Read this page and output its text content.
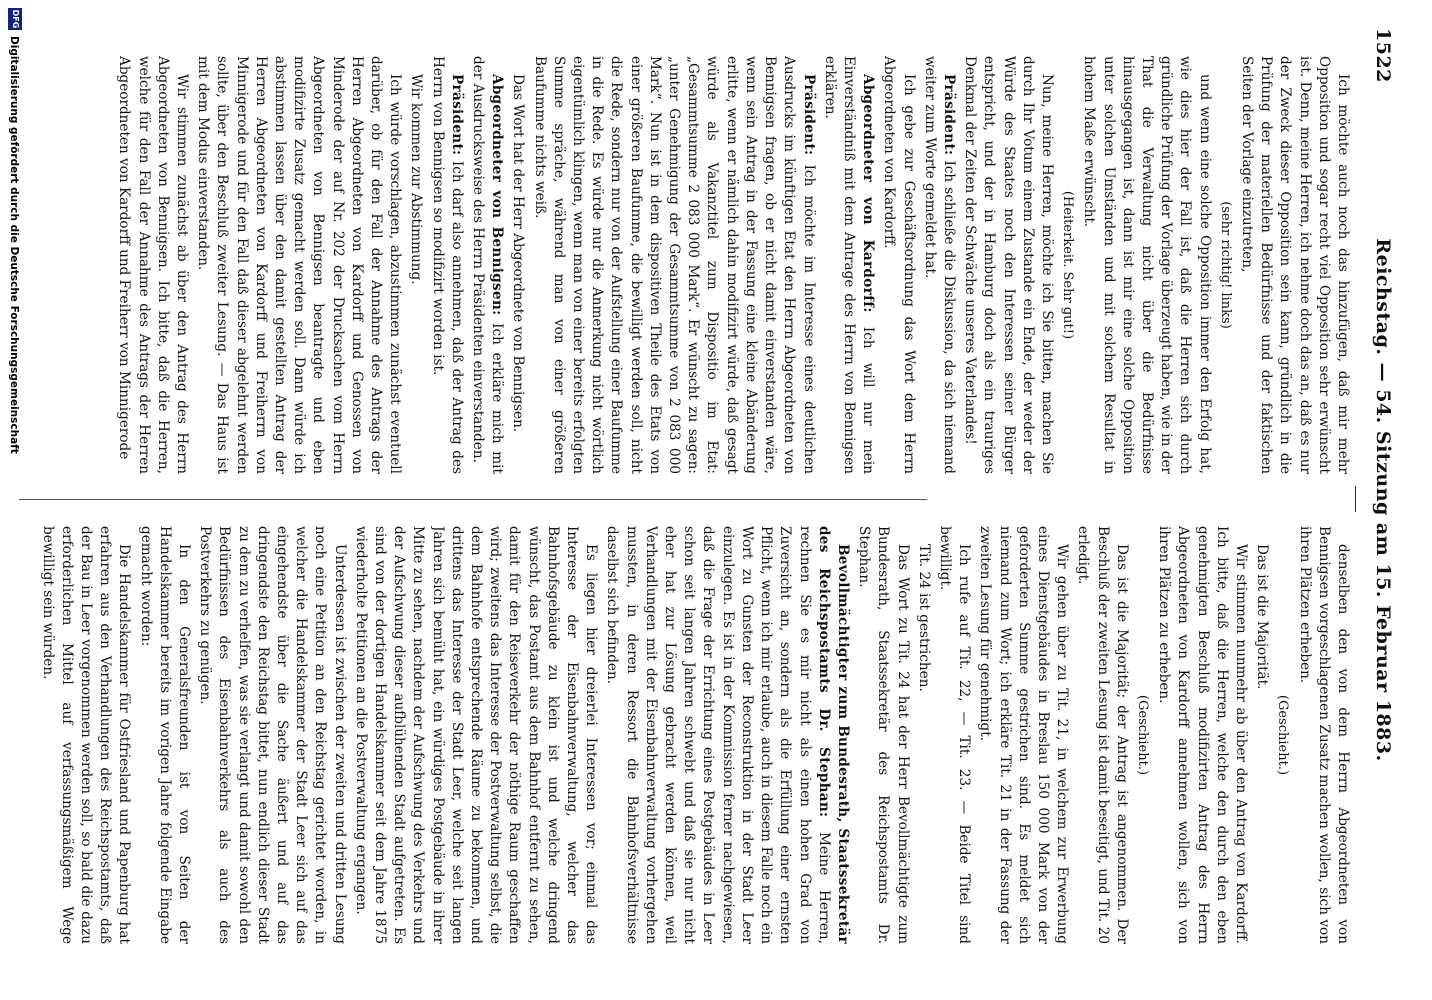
1522
Reichstag. — 54. Sitzung am 15. Februar 1883.

Ich möchte auch noch das hinzufügen, daß mir mehr Opposition und sogar recht viel Opposition sehr erwünscht ist. Denn, meine Herren, ich nehme doch das an, daß es nur der Zweck dieser Opposition sein kann, gründlich in die Prüfung der materiellen Bedürfnisse und der faktischen Seiten der Vorlage einzutreten,

(sehr richtig! links)

und wenn eine solche Opposition immer den Erfolg hat, wie dies hier der Fall ist, daß die Herren sich durch gründliche Prüfung der Vorlage überzeugt haben, wie in der That die Verwaltung nicht über die Bedürfnisse hinausgegangen ist, dann ist mir eine solche Opposition unter solchen Umständen und mit solchem Resultat in hohem Maße erwünscht.

(Heiterkeit. Sehr gut!)

Nun, meine Herren, möchte ich Sie bitten, machen Sie durch Ihr Votum einem Zustande ein Ende, der weder der Würde des Staates noch den Interessen seiner Bürger entspricht, und der in Hamburg doch als ein trauriges Denkmal der Zeiten der Schwäche unseres Vaterlandes!

Präsident: Ich schließe die Diskussion, da sich niemand weiter zum Worte gemeldet hat.

Ich gebe zur Geschäftsordnung das Wort dem Herrn Abgeordneten von Kardorff.

Abgeordneter von Kardorff: Ich will nur mein Einverständniß mit dem Antrage des Herrn von Bennigsen erklären.

Präsident: Ich möchte im Interesse eines deutlichen Ausdrucks im künftigen Etat den Herrn Abgeordneten von Bennigsen fragen, ob er nicht damit einverstanden wäre, wenn sein Antrag in der Fassung eine kleine Abänderung erlitte, wenn er nämlich dahin modifizirt würde, daß gesagt würde als Vakanztitel zum Dispositio im Etat: „Gesammtsumme 2 083 000 Mark“. Er wünscht zu sagen: „unter Genehmigung der Gesammtsumme von 2 083 000 Mark“. Nun ist in dem dispositiven Theile des Etats von einer größeren Baufumme, die bewilligt werden soll, nicht die Rede, sondern nur von der Aufstellung einer Baufumme in die Rede. Es würde nur die Anmerkung nicht wörtlich eigentümlich klingen, wenn man von einer bereits erfolgten Summe spräche, während man von einer größeren Baufumme nichts weiß.

Das Wort hat der Herr Abgeordnete von Bennigsen.

Abgeordneter von Bennigsen: Ich erkläre mich mit der Ausdrucksweise des Herrn Präsidenten einverstanden.

Präsident: Ich darf also annehmen, daß der Antrag des Herrn von Bennigsen so modifizirt worden ist.

Wir kommen zur Abstimmung.

Ich würde vorschlagen, abzustimmen zunächst eventuell darüber, ob für den Fall der Annahme des Antrags der Herren Abgeordneten von Kardorff und Genossen von Minderode der auf Nr. 202 der Drucksachen vom Herrn Abgeordneten von Bennigsen beantragte und eben modifizirte Zusatz gemacht werden soll. Dann würde ich abstimmen lassen über den damit gestellten Antrag der Herren Abgeordneten von Kardorff und Freiherrn von Minnigerode und für den Fall daß dieser abgelehnt werden sollte, über den Beschluß zweiter Lesung. — Das Haus ist mit dem Modus einverstanden.

Wir stimmen zunächst ab über den Antrag des Herrn Abgeordneten von Bennigsen. Ich bitte, daß die Herren, welche für den Fall der Annahme des Antrags der Herren Abgeordneten von Kardorff und Freiherr von Minnigerode

denselben den von dem Herrn Abgeordneten von Bennigsen vorgeschlagenen Zusatz machen wollen, sich von ihren Plätzen erheben.

(Geschieht.)

Das ist die Majorität.

Wir stimmen nunmehr ab über den Antrag von Kardorff. Ich bitte, daß die Herren, welche den durch den eben genehmigten Beschluß modifizirten Antrag des Herrn Abgeordneten von Kardorff annehmen wollen, sich von ihren Plätzen zu erheben.

(Geschieht.)

Das ist die Majorität; der Antrag ist angenommen. Der Beschluß der zweiten Lesung ist damit beseitigt, und Tit. 20 erledigt.

Wir gehen über zu Tit. 21, in welchem zur Erwerbung eines Dienstgebäudes in Breslau 150 000 Mark von der geforderten Summe gestrichen sind. Es meldet sich niemand zum Wort; ich erkläre Tit. 21 in der Fassung der zweiten Lesung für genehmigt.

Ich rufe auf Tit. 22, — Tit. 23. — Beide Titel sind bewilligt.

Tit. 24 ist gestrichen.

Das Wort zu Tit. 24 hat der Herr Bevollmächtigte zum Bundesrath, Staatssekretär des Reichspostamts Dr. Stephan.

Bevollmächtigter zum Bundesrath, Staatssekretär des Reichspostamts Dr. Stephan: Meine Herren, rechnen Sie es mir nicht als einen hohen Grad von Zuversicht an, sondern als die Erfüllung einer ernsten Pflicht, wenn ich mir erlaube, auch in diesem Falle noch ein Wort zu Gunsten der Reconstruktion in der Stadt Leer einzulegen. Es ist in der Kommission ferner nachgewiesen, daß die Frage der Errichtung eines Postgebäudes in Leer schon seit langen Jahren schwebt und daß sie nur nicht eher hat zur Lösung gebracht werden können, weil Verhandlungen mit der Eisenbahnverwaltung vorhergehen mussten, in deren Ressort die Bahnhofsverhältnisse daselbst sich befinden.

Es liegen hier dreierlei Interessen vor; einmal das Interesse der Eisenbahnverwaltung, welcher das Bahnhofsgebäude zu klein ist und welche dringend wünscht, das Postamt aus dem Bahnhof entfernt zu sehen, damit für den Reiseverkehr der nöthige Raum geschaffen wird; zweitens das Interesse der Postverwaltung selbst, die dem Bahnhofe entsprechende Räume zu bekommen, und drittens das Interesse der Stadt Leer, welche seit langen Jahren sich bemüht hat, ein würdiges Postgebäude in ihrer Mitte zu sehen, nachdem der Aufschwung des Verkehrs und der Aufschwung dieser aufblühenden Stadt aufgetreten. Es sind von der dortigen Handelskammer seit dem Jahre 1875 wiederholte Petitionen an die Postverwaltung ergangen.

Unterdessen ist zwischen der zweiten und dritten Lesung noch eine Petition an den Reichstag gerichtet worden, in welcher die Handelskammer der Stadt Leer sich auf das eingehendste über die Sache äußert und auf das dringendste den Reichstag bittet, nun endlich dieser Stadt zu dem zu verhelfen, was sie verlangt und damit sowohl den Bedürfnissen des Eisenbahnverkehrs als auch des Postverkehrs zu genügen.

In den Generalsfreunden ist von Seiten der Handelskammer bereits im vorigen Jahre folgende Eingabe gemacht worden:

Die Handelskammer für Ostfriesland und Papenburg hat erfahren aus den Verhandlungen des Reichspostamts, daß der Bau in Leer vorgenommen werden soll, so bald die dazu erforderlichen Mittel auf verfassungsmäßigem Wege bewilligt sein würden.

DFG
Digitalisierung gefördert durch die Deutsche Forschungsgemeinschaft
